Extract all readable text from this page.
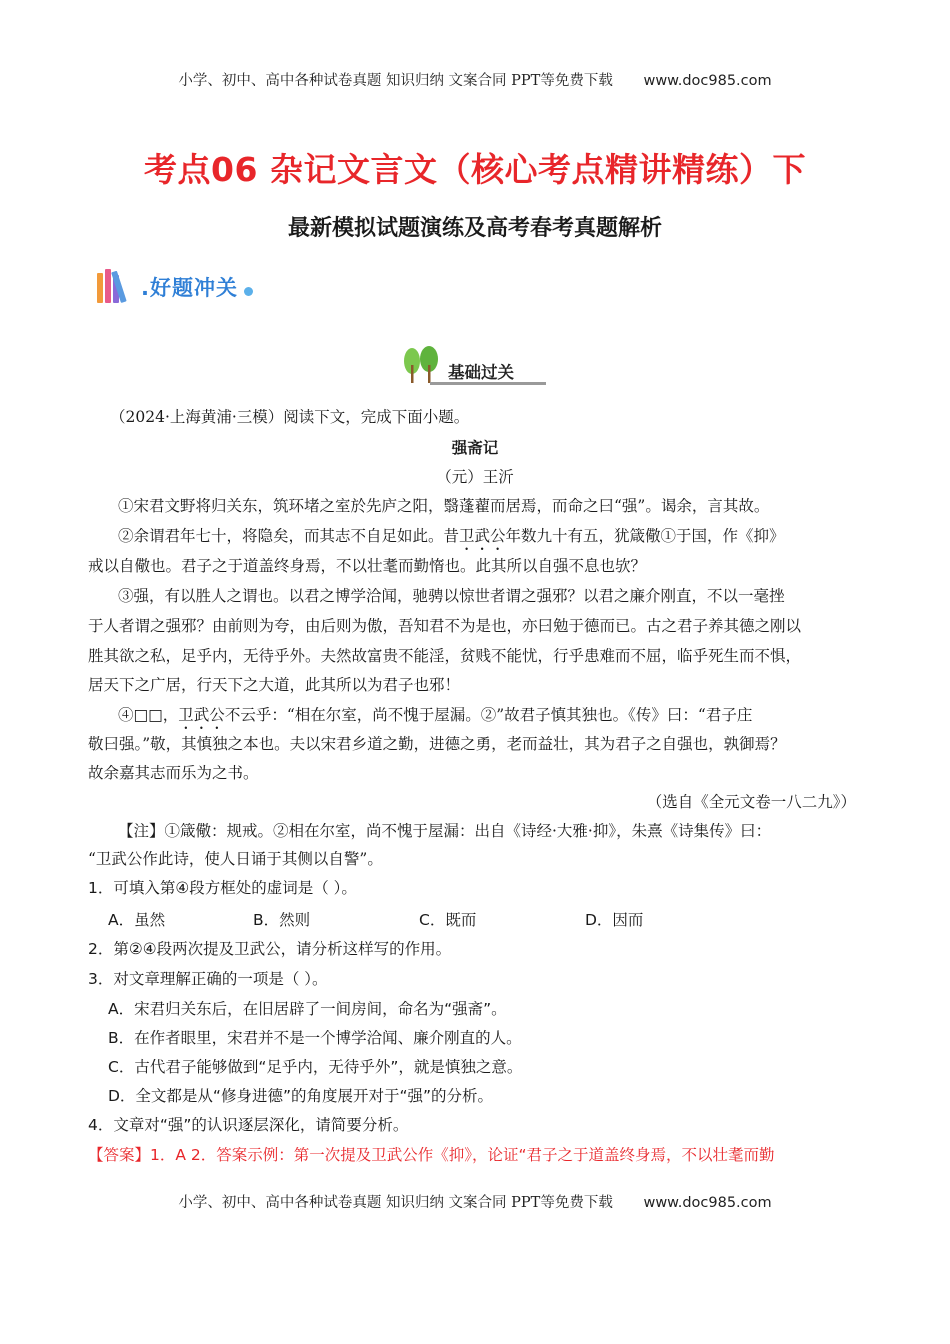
小学、初中、高中各种试卷真题 知识归纳 文案合同 PPT等免费下载 www.doc985.com
考点06 杂记文言文（核心考点精讲精练）下
最新模拟试题演练及高考春考真题解析
.好题冲关
基础过关
（2024·上海黄浦·三模）阅读下文，完成下面小题。
强斋记
（元）王沂
①宋君文野将归关东，筑环堵之室於先庐之阳，翳蓬藋而居焉，而命之曰“强”。谒余，言其故。
②余谓君年七十，将隐矣，而其志不自足如此。昔卫武公年数九十有五，犹箴儆①于国，作《抑》
戒以自儆也。君子之于道盖终身焉，不以壮耄而勤惰也。此其所以自强不息也欤？
③强，有以胜人之谓也。以君之博学洽闻，驰骋以惊世者谓之强邪？以君之廉介刚直，不以一毫挫
于人者谓之强邪？由前则为夸，由后则为傲，吾知君不为是也，亦曰勉于德而已。古之君子养其德之刚以
胜其欲之私，足乎内，无待乎外。夫然故富贵不能淫，贫贱不能忧，行乎患难而不屈，临乎死生而不惧，
居天下之广居，行天下之大道，此其所以为君子也邪！
④□□，卫武公不云乎：“相在尔室，尚不愧于屋漏。②”故君子慎其独也。《传》曰：“君子庄
敬曰强。”敬，其慎独之本也。夫以宋君乡道之勤，进德之勇，老而益壮，其为君子之自强也，孰御焉？
故余嘉其志而乐为之书。
（选自《全元文卷一八二九》）
【注】①箴儆：规戒。②相在尔室，尚不愧于屋漏：出自《诗经·大雅·抑》，朱熹《诗集传》曰：
“卫武公作此诗，使人日诵于其侧以自警”。
1．可填入第④段方框处的虚词是（ ）。
A．虽然	B．然则	C．既而	D．因而
2．第②④段两次提及卫武公，请分析这样写的作用。
3．对文章理解正确的一项是（ ）。
A．宋君归关东后，在旧居辟了一间房间，命名为“强斋”。
B．在作者眼里，宋君并不是一个博学洽闻、廉介刚直的人。
C．古代君子能够做到“足乎内，无待乎外”，就是慎独之意。
D．全文都是从“修身进德”的角度展开对于“强”的分析。
4．文章对“强”的认识逐层深化，请简要分析。
【答案】1．A 2．答案示例：第一次提及卫武公作《抑》，论证“君子之于道盖终身焉，不以壮耄而勤
小学、初中、高中各种试卷真题 知识归纳 文案合同 PPT等免费下载 www.doc985.com
